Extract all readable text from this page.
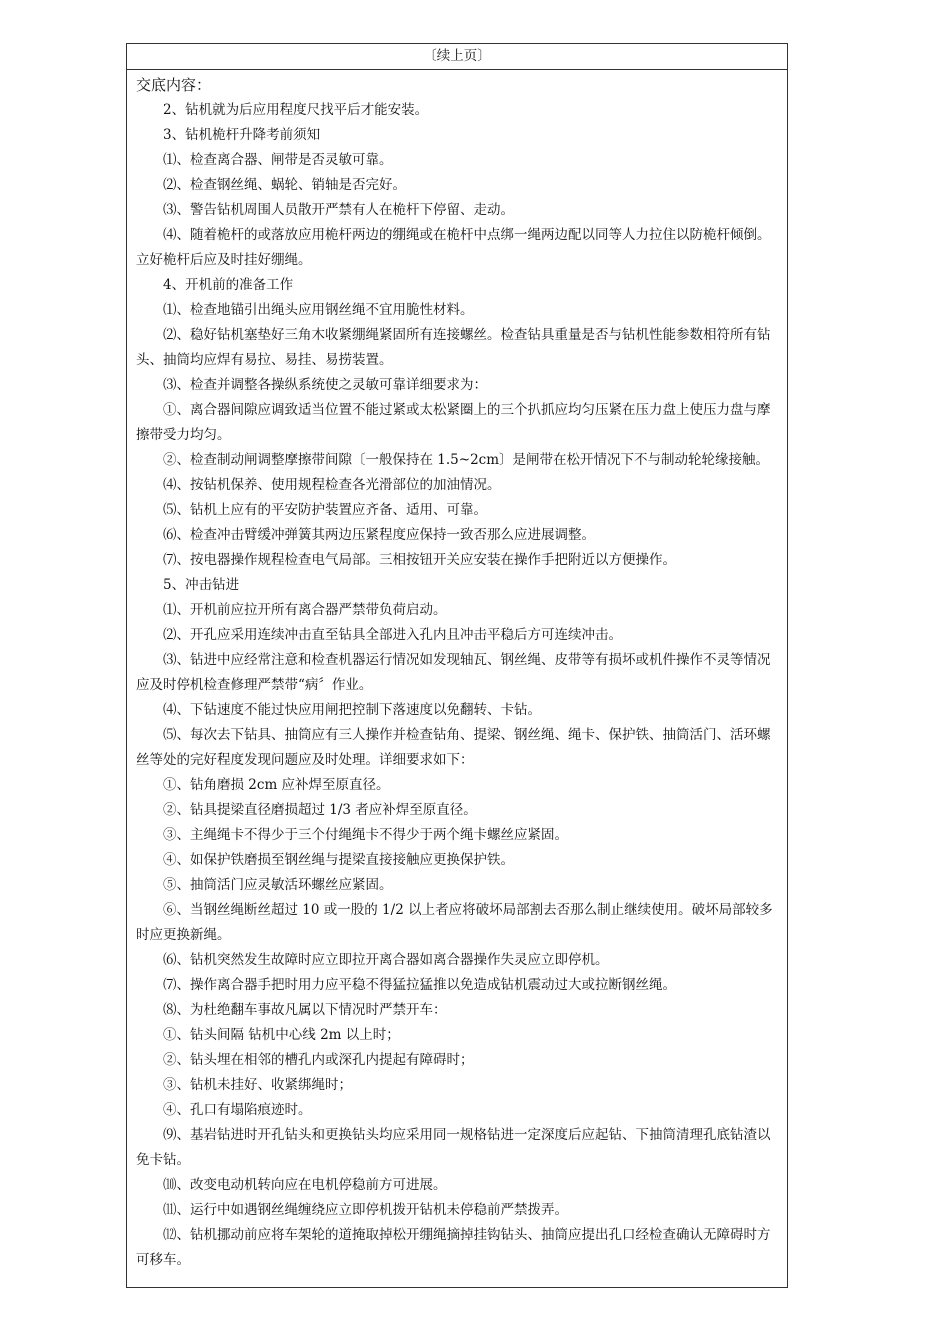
〔续上页〕
交底内容：

2、钻机就为后应用程度尺找平后才能安装。

3、钻机桅杆升降考前须知

⑴、检查离合器、闸带是否灵敏可靠。

⑵、检查钢丝绳、蜗轮、销轴是否完好。

⑶、警告钻机周围人员散开严禁有人在桅杆下停留、走动。

⑷、随着桅杆的或落放应用桅杆两边的绷绳或在桅杆中点绑一绳两边配以同等人力拉住以防桅杆倾倒。立好桅杆后应及时挂好绷绳。

4、开机前的准备工作

⑴、检查地锚引出绳头应用钢丝绳不宜用脆性材料。

⑵、稳好钻机塞垫好三角木收紧绷绳紧固所有连接螺丝。检查钻具重量是否与钻机性能参数相符所有钻头、抽筒均应焊有易拉、易挂、易捞装置。

⑶、检查并调整各操纵系统使之灵敏可靠详细要求为：

①、离合器间隙应调致适当位置不能过紧或太松紧圈上的三个扒抓应均匀压紧在压力盘上使压力盘与摩擦带受力均匀。

②、检查制动闸调整摩擦带间隙〔一般保持在 1.5~2cm〕是闸带在松开情况下不与制动轮轮缘接触。

⑷、按钻机保养、使用规程检查各光滑部位的加油情况。

⑸、钻机上应有的平安防护装置应齐备、适用、可靠。

⑹、检查冲击臂缓冲弹簧其两边压紧程度应保持一致否那么应进展调整。

⑺、按电器操作规程检查电气局部。三相按钮开关应安装在操作手把附近以方便操作。

5、冲击钻进

⑴、开机前应拉开所有离合器严禁带负荷启动。

⑵、开孔应采用连续冲击直至钻具全部进入孔内且冲击平稳后方可连续冲击。

⑶、钻进中应经常注意和检查机器运行情况如发现轴瓦、钢丝绳、皮带等有损坏或机件操作不灵等情况应及时停机检查修理严禁带“病〞作业。

⑷、下钻速度不能过快应用闸把控制下落速度以免翻转、卡钻。

⑸、每次去下钻具、抽筒应有三人操作并检查钻角、提梁、钢丝绳、绳卡、保护铁、抽筒活门、活环螺丝等处的完好程度发现问题应及时处理。详细要求如下：

①、钻角磨损 2cm 应补焊至原直径。

②、钻具提梁直径磨损超过 1/3 者应补焊至原直径。

③、主绳绳卡不得少于三个付绳绳卡不得少于两个绳卡螺丝应紧固。

④、如保护铁磨损至钢丝绳与提梁直接接触应更换保护铁。

⑤、抽筒活门应灵敏活环螺丝应紧固。

⑥、当钢丝绳断丝超过 10 或一股的 1/2 以上者应将破坏局部割去否那么制止继续使用。破坏局部较多时应更换新绳。

⑹、钻机突然发生故障时应立即拉开离合器如离合器操作失灵应立即停机。

⑺、操作离合器手把时用力应平稳不得猛拉猛推以免造成钻机震动过大或拉断钢丝绳。

⑻、为杜绝翻车事故凡属以下情况时严禁开车：

①、钻头间隔 钻机中心线 2m 以上时；

②、钻头埋在相邻的槽孔内或深孔内提起有障碍时；

③、钻机未挂好、收紧绑绳时；

④、孔口有塌陷痕迹时。

⑼、基岩钻进时开孔钻头和更换钻头均应采用同一规格钻进一定深度后应起钻、下抽筒清理孔底钻渣以免卡钻。

⑽、改变电动机转向应在电机停稳前方可进展。

⑾、运行中如遇钢丝绳缠绕应立即停机拨开钻机未停稳前严禁拨弄。

⑿、钻机挪动前应将车架轮的道掩取掉松开绷绳摘掉挂钩钻头、抽筒应提出孔口经检查确认无障碍时方可移车。
